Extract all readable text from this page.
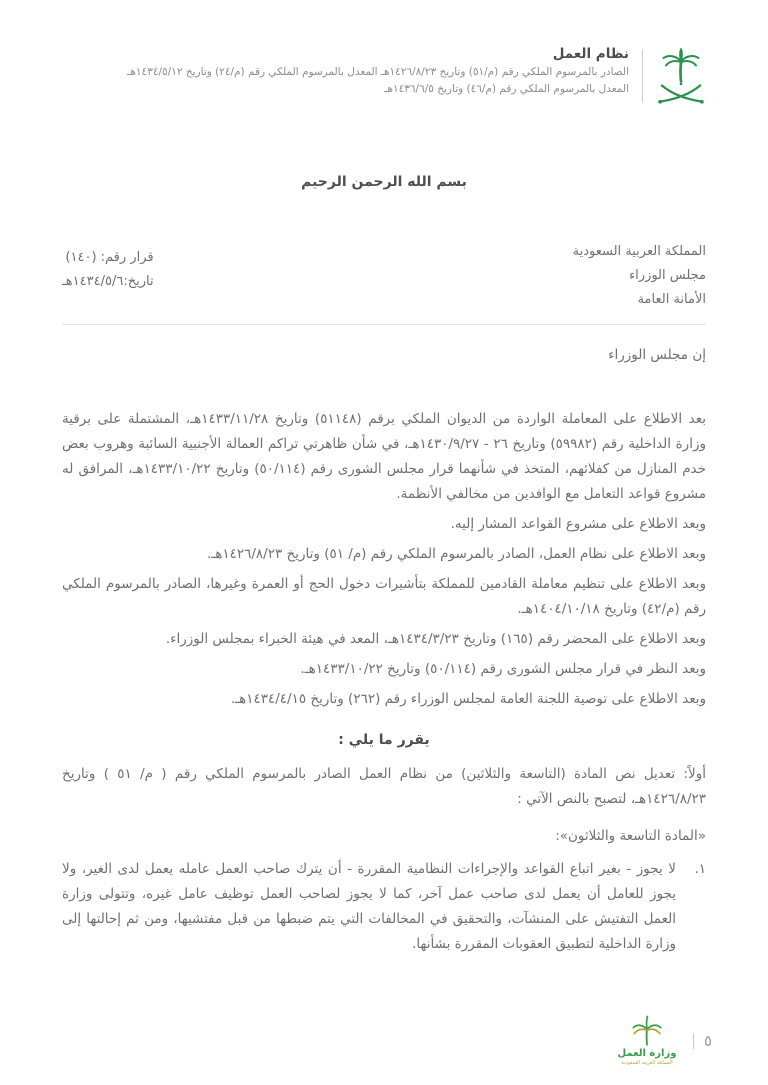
نظام العمل
الصادر بالمرسوم الملكي رقم (م/٥١) وتاريخ ١٤٢٦/٨/٢٣هـ المعدل بالمرسوم الملكي رقم (م/٢٤) وتاريخ ١٤٣٤/٥/١٢هـ
المعدل بالمرسوم الملكي رقم (م/٤٦) وتاريخ ١٤٣٦/٦/٥هـ
بسم الله الرحمن الرحيم
المملكة العربية السعودية
مجلس الوزراء
الأمانة العامة
قرار رقم: (١٤٠)
تاريخ:١٤٣٤/٥/٦هـ
إن مجلس الوزراء

بعد الاطلاع على المعاملة الواردة من الديوان الملكي برقم (٥١١٤٨) وتاريخ ١٤٣٣/١١/٢٨هـ، المشتملة على برقية وزارة الداخلية رقم (٥٩٩٨٢) وتاريخ ٢٦ - ١٤٣٠/٩/٢٧هـ، في شأن ظاهرتي تراكم العمالة الأجنبية السائبة وهروب بعض خدم المنازل من كفلائهم، المتخذ في شأنهما قرار مجلس الشورى رقم (٥٠/١١٤) وتاريخ ١٤٣٣/١٠/٢٢هـ، المرافق له مشروع قواعد التعامل مع الوافدين من مخالفي الأنظمة.

وبعد الاطلاع على مشروع القواعد المشار إليه.

وبعد الاطلاع على نظام العمل، الصادر بالمرسوم الملكي رقم (م/ ٥١) وتاريخ ١٤٢٦/٨/٢٣هـ.

وبعد الاطلاع على تنظيم معاملة القادمين للمملكة بتأشيرات دخول الحج أو العمرة وغيرها، الصادر بالمرسوم الملكي رقم (م/٤٢) وتاريخ ١٤٠٤/١٠/١٨هـ.

وبعد الاطلاع على المحضر رقم (١٦٥) وتاريخ ١٤٣٤/٣/٢٣هـ، المعد في هيئة الخبراء بمجلس الوزراء.

وبعد النظر في قرار مجلس الشورى رقم (٥٠/١١٤) وتاريخ ١٤٣٣/١٠/٢٢هـ.

وبعد الاطلاع على توصية اللجنة العامة لمجلس الوزراء رقم (٢٦٢) وتاريخ ١٤٣٤/٤/١٥هـ.

يقرر ما يلي :

أولاً: تعديل نص المادة (التاسعة والثلاثين) من نظام العمل الصادر بالمرسوم الملكي رقم ( م/ ٥١ ) وتاريخ ١٤٢٦/٨/٢٣هـ، لتصبح بالنص الآتي :

«المادة التاسعة والثلاثون»:
١.
لا يجوز - بغير اتباع القواعد والإجراءات النظامية المقررة - أن يترك صاحب العمل عامله يعمل لدى الغير، ولا يجوز للعامل أن يعمل لدى صاحب عمل آخر، كما لا يجوز لصاحب العمل توظيف عامل غيره، وتتولى وزارة العمل التفتيش على المنشآت، والتحقيق في المخالفات التي يتم ضبطها من قبل مفتشيها، ومن ثم إحالتها إلى وزارة الداخلية لتطبيق العقوبات المقررة بشأنها.
٥
وزارة العمل
المملكة العربية السعودية
